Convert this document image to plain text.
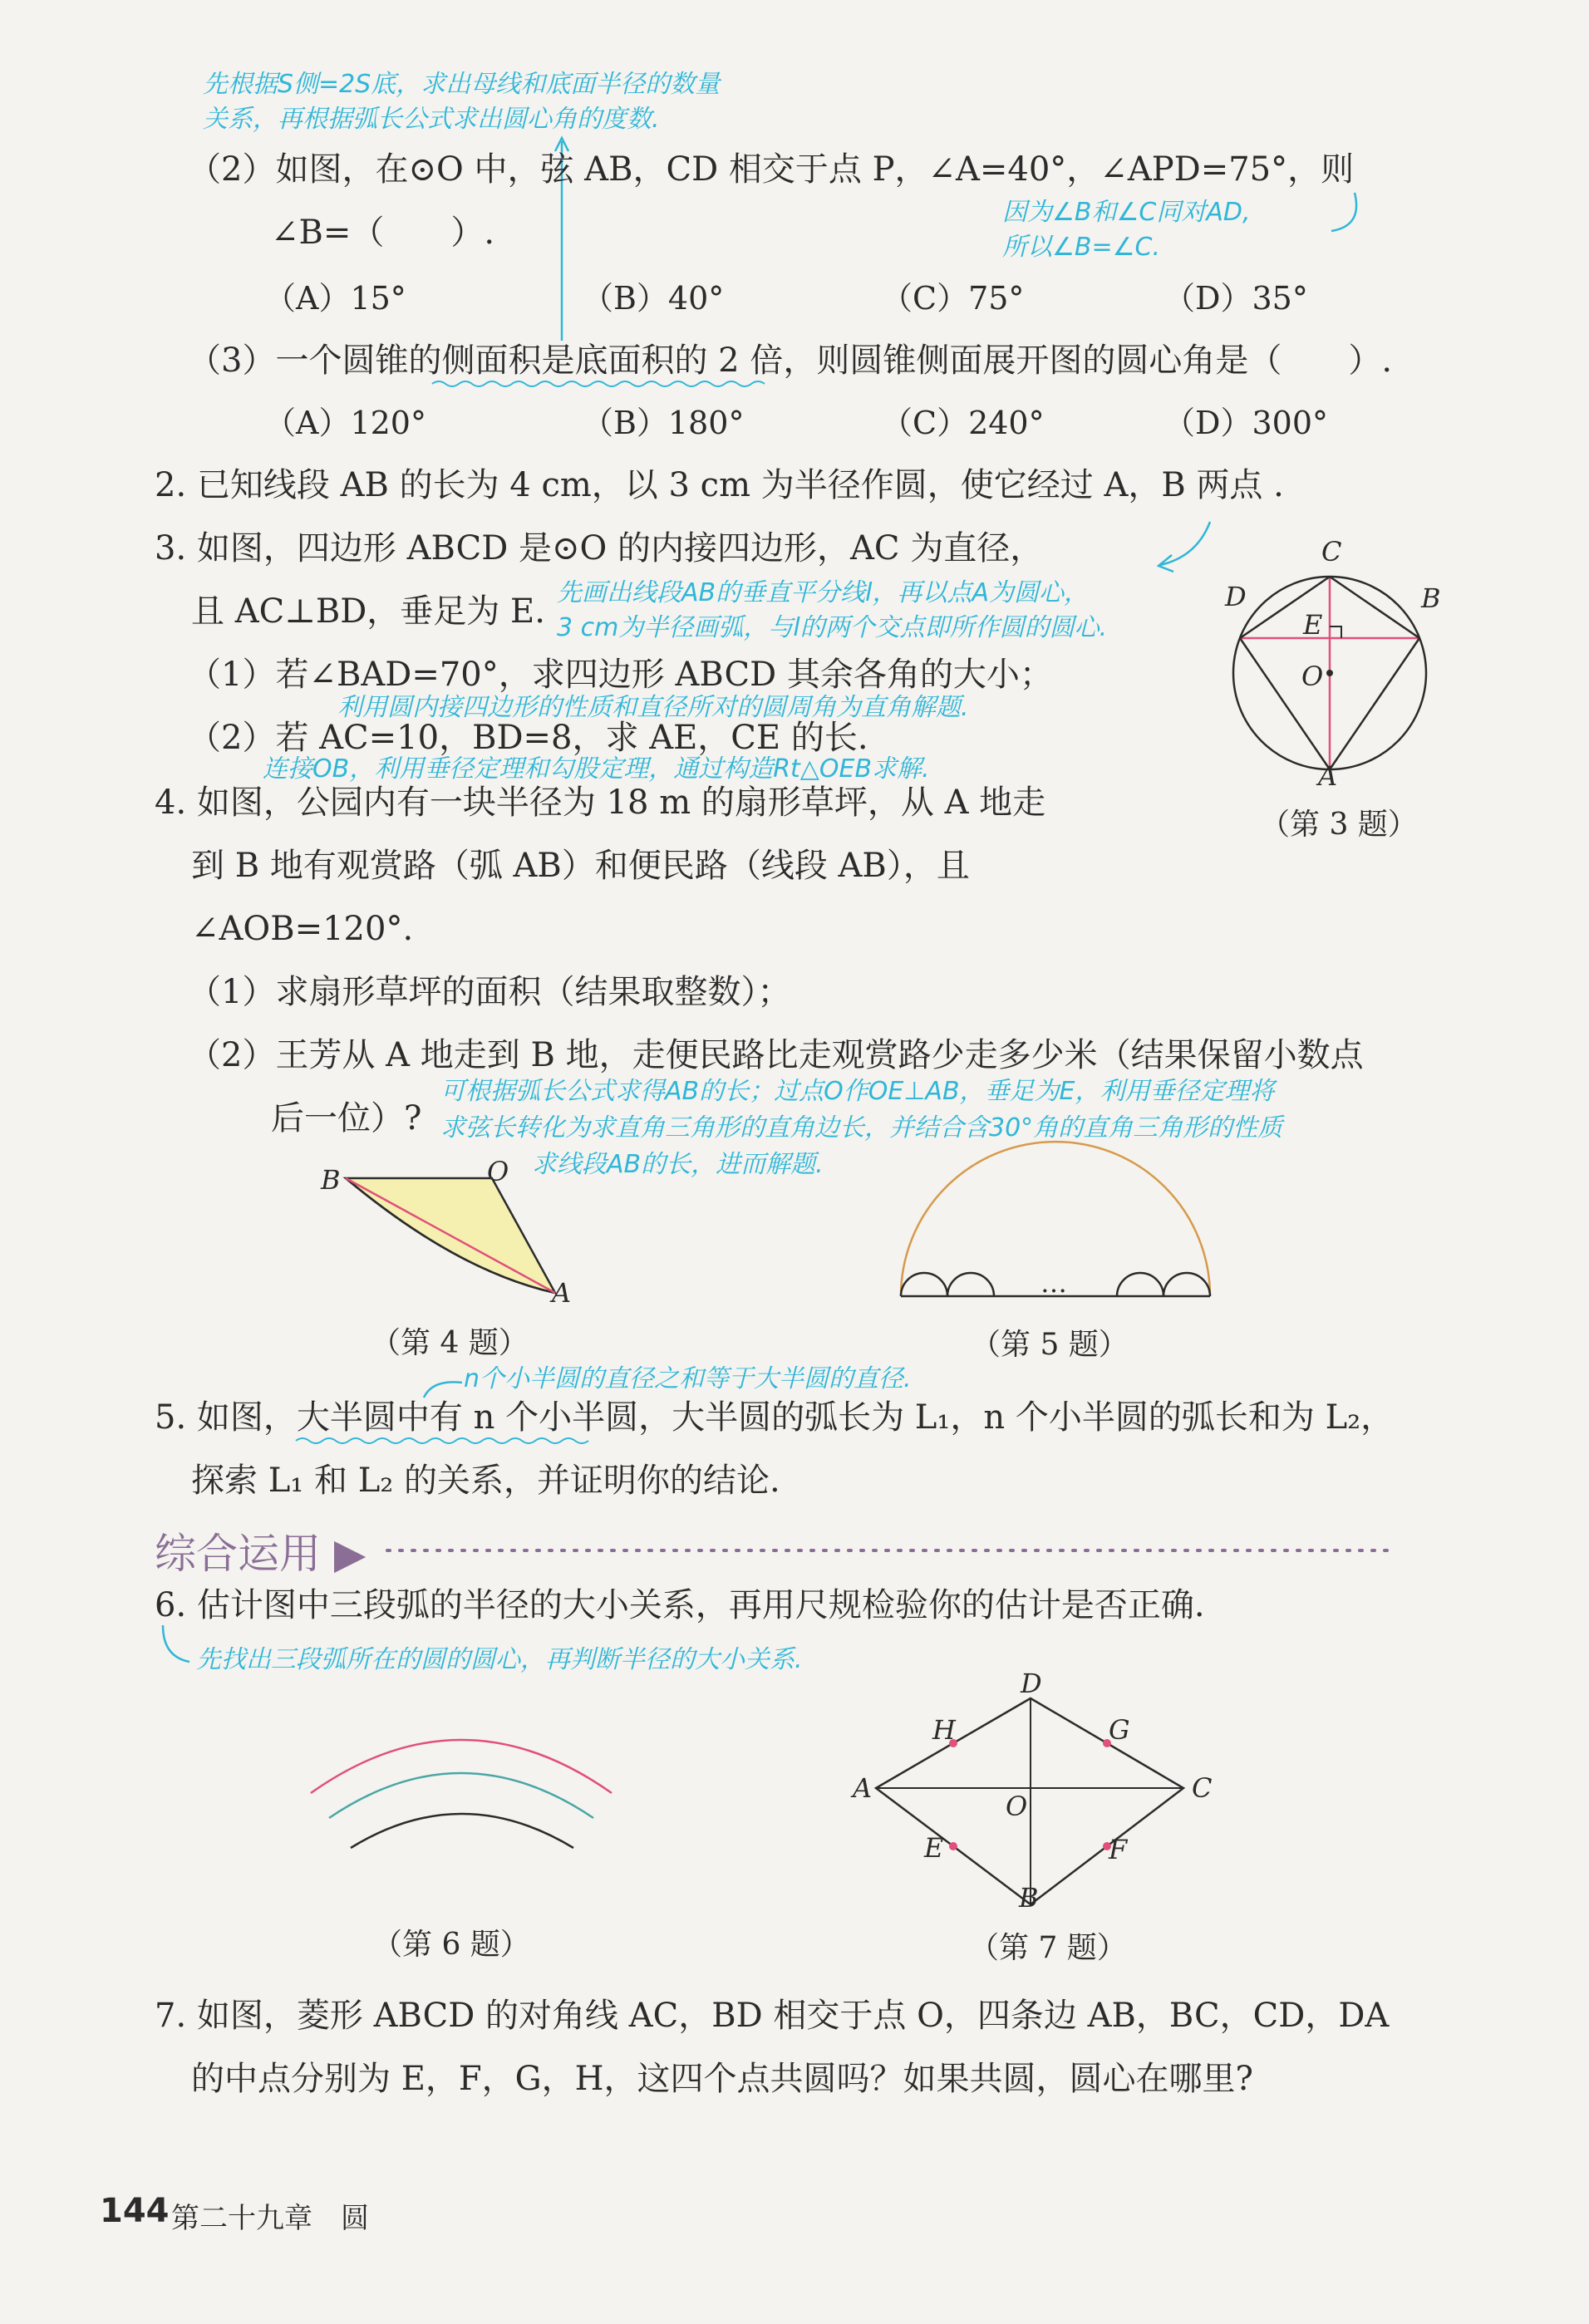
先根据S侧=2S底，求出母线和底面半径的数量
关系，再根据弧长公式求出圆心角的度数.
（2）如图，在⊙O 中，弦 AB，CD 相交于点 P，∠A=40°，∠APD=75°，则
∠B=（　　）.
因为∠B和∠C同对AD,
所以∠B=∠C.
（A）15°	（B）40°	（C）75°	（D）35°
（3）一个圆锥的侧面积是底面积的 2 倍，则圆锥侧面展开图的圆心角是（　　）.
（A）120°	（B）180°	（C）240°	（D）300°
2. 已知线段 AB 的长为 4 cm，以 3 cm 为半径作圆，使它经过 A，B 两点 .
3. 如图，四边形 ABCD 是⊙O 的内接四边形，AC 为直径，
且 AC⊥BD，垂足为 E. 先画出线段AB的垂直平分线l，再以点A为圆心，
3 cm为半径画弧，与l的两个交点即所作圆的圆心.
（1）若∠BAD=70°，求四边形 ABCD 其余各角的大小；
利用圆内接四边形的性质和直径所对的圆周角为直角解题.
（2）若 AC=10，BD=8，求 AE，CE 的长.
连接OB，利用垂径定理和勾股定理，通过构造Rt△OEB求解.
C
D	B
E
O
A
（第 3 题）
4. 如图，公园内有一块半径为 18 m 的扇形草坪，从 A 地走
到 B 地有观赏路（弧 AB）和便民路（线段 AB），且
∠AOB=120°.
（1）求扇形草坪的面积（结果取整数）；
（2）王芳从 A 地走到 B 地，走便民路比走观赏路少走多少米（结果保留小数点
后一位）?
可根据弧长公式求得AB的长；过点O作OE⊥AB，垂足为E，利用垂径定理将
求弦长转化为求直角三角形的直角边长，并结合含30°角的直角三角形的性质
求线段AB的长，进而解题.
B	O
A
（第 4 题）
…
（第 5 题）
n个小半圆的直径之和等于大半圆的直径.
5. 如图，大半圆中有 n 个小半圆，大半圆的弧长为 L₁，n 个小半圆的弧长和为 L₂，
探索 L₁ 和 L₂ 的关系，并证明你的结论.
综合运用 ▶
6. 估计图中三段弧的半径的大小关系，再用尺规检验你的估计是否正确.
先找出三段弧所在的圆的圆心，再判断半径的大小关系.
（第 6 题）
D
H	G
A	C
O
E	F
B
（第 7 题）
7. 如图，菱形 ABCD 的对角线 AC，BD 相交于点 O，四条边 AB，BC，CD，DA
的中点分别为 E，F，G，H，这四个点共圆吗？如果共圆，圆心在哪里?
144 第二十九章　圆
